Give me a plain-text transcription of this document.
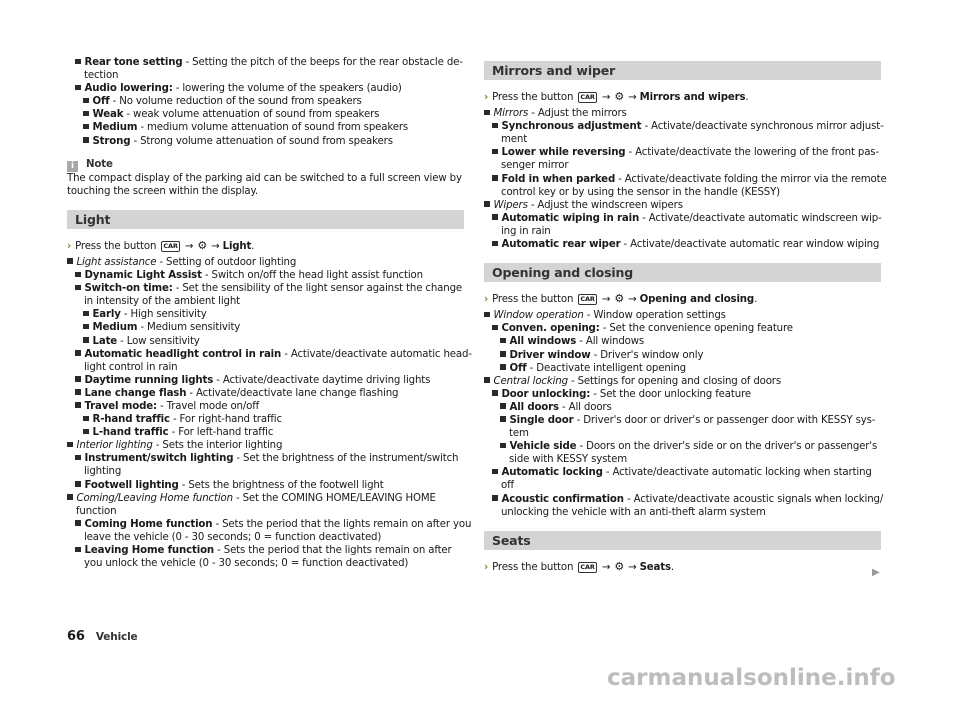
Rear tone setting - Setting the pitch of the beeps for the rear obstacle de-
tection
Audio lowering: - lowering the volume of the speakers (audio)
Off - No volume reduction of the sound from speakers
Weak - weak volume attenuation of sound from speakers
Medium - medium volume attenuation of sound from speakers
Strong - Strong volume attenuation of sound from speakers
i Note
The compact display of the parking aid can be switched to a full screen view by
touching the screen within the display.
Light
› Press the button CAR → ⚙ → Light.
Light assistance - Setting of outdoor lighting
Dynamic Light Assist - Switch on/off the head light assist function
Switch-on time: - Set the sensibility of the light sensor against the change
in intensity of the ambient light
Early - High sensitivity
Medium - Medium sensitivity
Late - Low sensitivity
Automatic headlight control in rain - Activate/deactivate automatic head-
light control in rain
Daytime running lights - Activate/deactivate daytime driving lights
Lane change flash - Activate/deactivate lane change flashing
Travel mode: - Travel mode on/off
R-hand traffic - For right-hand traffic
L-hand traffic - For left-hand traffic
Interior lighting - Sets the interior lighting
Instrument/switch lighting - Set the brightness of the instrument/switch
lighting
Footwell lighting - Sets the brightness of the footwell light
Coming/Leaving Home function - Set the COMING HOME/LEAVING HOME
function
Coming Home function - Sets the period that the lights remain on after you
leave the vehicle (0 - 30 seconds; 0 = function deactivated)
Leaving Home function - Sets the period that the lights remain on after
you unlock the vehicle (0 - 30 seconds; 0 = function deactivated)
Mirrors and wiper
› Press the button CAR → ⚙ → Mirrors and wipers.
Mirrors - Adjust the mirrors
Synchronous adjustment - Activate/deactivate synchronous mirror adjust-
ment
Lower while reversing - Activate/deactivate the lowering of the front pas-
senger mirror
Fold in when parked - Activate/deactivate folding the mirror via the remote
control key or by using the sensor in the handle (KESSY)
Wipers - Adjust the windscreen wipers
Automatic wiping in rain - Activate/deactivate automatic windscreen wip-
ing in rain
Automatic rear wiper - Activate/deactivate automatic rear window wiping
Opening and closing
› Press the button CAR → ⚙ → Opening and closing.
Window operation - Window operation settings
Conven. opening: - Set the convenience opening feature
All windows - All windows
Driver window - Driver's window only
Off - Deactivate intelligent opening
Central locking - Settings for opening and closing of doors
Door unlocking: - Set the door unlocking feature
All doors - All doors
Single door - Driver's door or driver's or passenger door with KESSY sys-
tem
Vehicle side - Doors on the driver's side or on the driver's or passenger's
side with KESSY system
Automatic locking - Activate/deactivate automatic locking when starting
off
Acoustic confirmation - Activate/deactivate acoustic signals when locking/
unlocking the vehicle with an anti-theft alarm system
Seats
› Press the button CAR → ⚙ → Seats.	▶
66 Vehicle
carmanualsonline.info
